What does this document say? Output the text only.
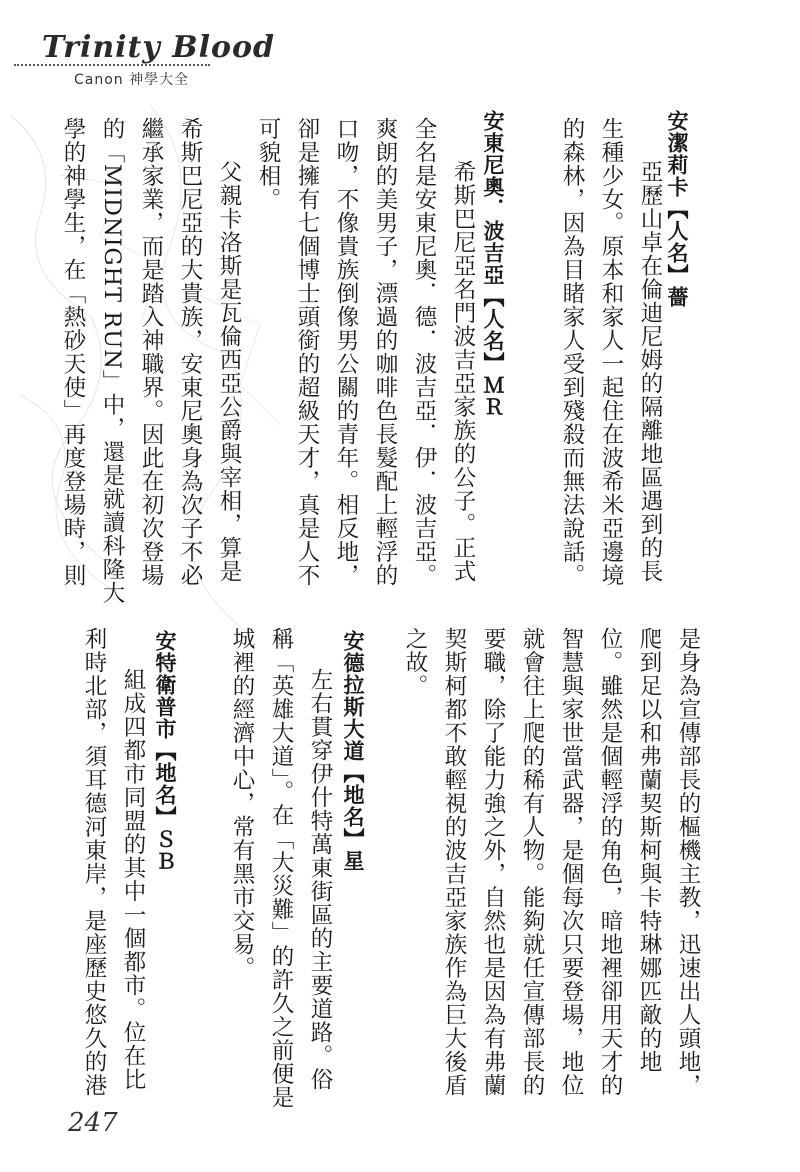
Trinity Blood
Canon 神學大全
安潔莉卡【人名】薔
亞歷山卓在倫迪尼姆的隔離地區遇到的長
生種少女。原本和家人一起住在波希米亞邊境
的森林，因為目睹家人受到殘殺而無法說話。
安東尼奧．波吉亞【人名】ＭＲ
希斯巴尼亞名門波吉亞家族的公子。正式
全名是安東尼奧．德．波吉亞．伊．波吉亞。
爽朗的美男子，漂過的咖啡色長髮配上輕浮的
口吻，不像貴族倒像男公關的青年。相反地，
卻是擁有七個博士頭銜的超級天才，真是人不
可貌相。
父親卡洛斯是瓦倫西亞公爵與宰相，算是
希斯巴尼亞的大貴族，安東尼奧身為次子不必
繼承家業，而是踏入神職界。因此在初次登場
的「MIDNIGHT RUN」中，還是就讀科隆大
學的神學生，在「熱砂天使」再度登場時，則
是身為宣傳部長的樞機主教，迅速出人頭地，
爬到足以和弗蘭契斯柯與卡特琳娜匹敵的地
位。雖然是個輕浮的角色，暗地裡卻用天才的
智慧與家世當武器，是個每次只要登場，地位
就會往上爬的稀有人物。能夠就任宣傳部長的
要職，除了能力強之外，自然也是因為有弗蘭
契斯柯都不敢輕視的波吉亞家族作為巨大後盾
之故。
安德拉斯大道【地名】星
左右貫穿伊什特萬東街區的主要道路。俗
稱「英雄大道」。在「大災難」的許久之前便是
城裡的經濟中心，常有黑市交易。
安特衛普市【地名】ＳＢ
組成四都市同盟的其中一個都市。位在比
利時北部，須耳德河東岸，是座歷史悠久的港
247
